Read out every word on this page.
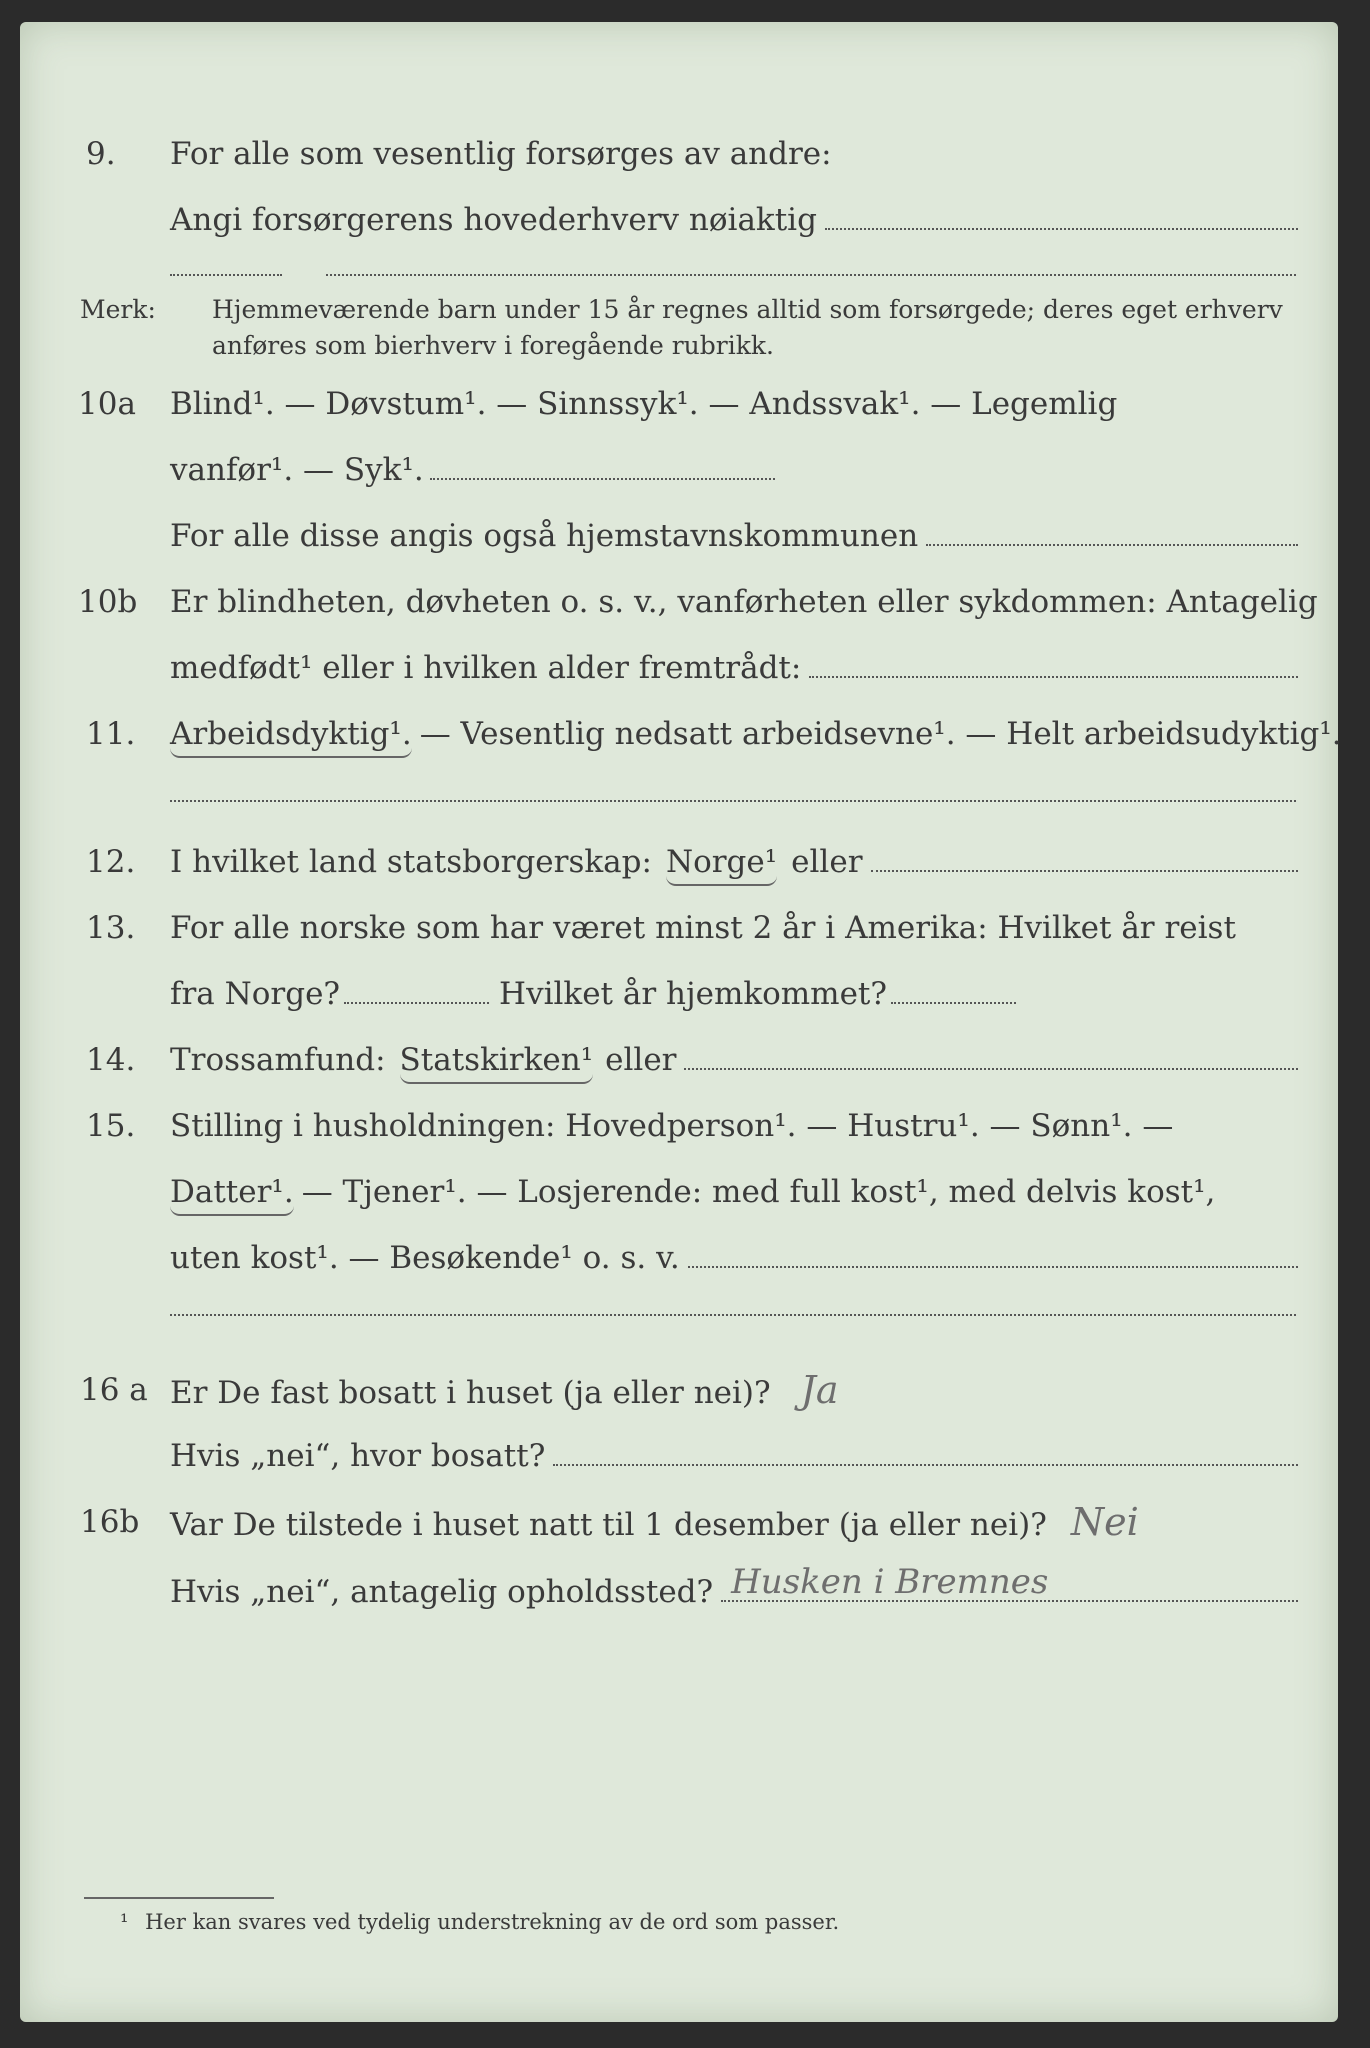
9.	For alle som vesentlig forsørges av andre:
Angi forsørgerens hovederhverv nøiaktig
Merk: Hjemmeværende barn under 15 år regnes alltid som forsørgede; deres eget erhverv anføres som bierhverv i foregående rubrikk.
10a	Blind¹. — Døvstum¹. — Sinnssyk¹. — Andssvak¹. — Legemlig
vanfør¹. — Syk¹.
For alle disse angis også hjemstavnskommunen
10b	Er blindheten, døvheten o. s. v., vanførheten eller sykdommen: Antagelig
medfødt¹ eller i hvilken alder fremtrådt:
11.	Arbeidsdyktig¹. — Vesentlig nedsatt arbeidsevne¹. — Helt arbeidsudyktig¹.
12.	I hvilket land statsborgerskap: Norge¹ eller
13.	For alle norske som har været minst 2 år i Amerika: Hvilket år reist
fra Norge?	Hvilket år hjemkommet?
14.	Trossamfund: Statskirken¹ eller
15.	Stilling i husholdningen: Hovedperson¹. — Hustru¹. — Sønn¹. —
Datter¹. — Tjener¹. — Losjerende: med full kost¹, med delvis kost¹,
uten kost¹. — Besøkende¹ o. s. v.
16 a Er De fast bosatt i huset (ja eller nei)? Ja
Hvis „nei“, hvor bosatt?
16b Var De tilstede i huset natt til 1 desember (ja eller nei)? Nei
Hvis „nei“, antagelig opholdssted? Husken i Bremnes
¹ Her kan svares ved tydelig understrekning av de ord som passer.
